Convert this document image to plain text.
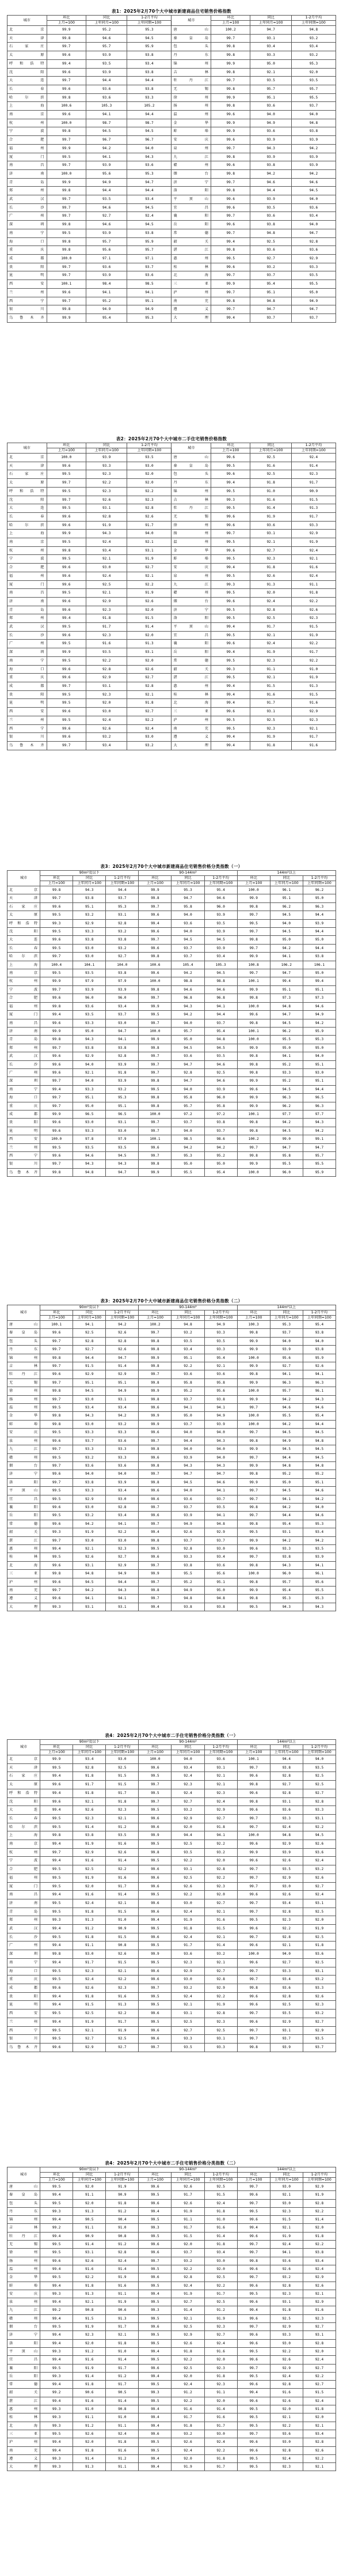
表1：2025年2月70个大中城市新建商品住宅销售价格指数
城市	环比	同比	1-2月平均	城市	环比	同比	1-2月平均
	上月=100	上年同月=100	上年同期=100		上月=100	上年同月=100	上年同期=100
北京	99.9	95.2	95.3	唐山	100.2	94.7	94.8
天津	99.8	94.6	94.5	秦皇岛	99.7	93.1	93.2
石家庄	99.7	95.7	95.9	包头	99.8	93.4	93.4
太原	99.6	93.9	93.8	丹东	99.8	93.3	93.2
呼和浩特	99.4	93.5	93.4	锦州	99.9	95.0	95.3
沈阳	99.6	93.9	93.8	吉林	99.8	92.1	92.0
大连	99.7	94.4	94.4	牡丹江	99.7	93.5	93.5
长春	99.6	93.6	93.8	无锡	99.8	95.7	95.7
哈尔滨	99.8	93.6	93.3	徐州	99.9	95.1	95.5
上海	100.6	105.3	105.2	扬州	99.8	93.6	93.7
南京	99.6	94.1	94.4	温州	99.6	94.0	94.0
杭州	100.0	98.7	98.7	金华	99.9	94.9	94.8
宁波	99.8	94.5	94.5	蚌埠	99.9	93.6	93.8
合肥	99.7	96.7	96.7	安庆	99.6	93.9	93.9
福州	99.9	94.2	94.0	泉州	99.7	94.3	94.2
厦门	99.5	94.1	94.3	九江	99.8	93.9	93.9
南昌	99.7	93.9	93.6	赣州	99.6	93.8	93.9
济南	100.0	95.6	95.3	烟台	99.8	94.2	94.2
青岛	99.9	94.9	94.7	济宁	99.7	94.6	94.6
郑州	99.8	94.4	94.4	洛阳	99.8	94.4	94.5
武汉	99.7	93.5	93.4	平顶山	99.6	93.9	94.0
长沙	99.7	94.6	94.5	宜昌	99.6	93.5	93.6
广州	99.7	92.7	92.4	襄阳	99.7	93.6	93.4
深圳	99.8	94.6	94.5	岳阳	99.6	93.8	94.0
南宁	99.5	93.9	93.8	常德	99.7	94.8	94.7
海口	99.8	95.7	95.9	韶关	99.4	92.5	92.8
重庆	99.8	95.6	95.7	湛江	99.8	93.6	93.6
成都	100.0	97.1	97.1	惠州	99.5	92.7	92.9
贵阳	99.7	93.6	93.7	桂林	99.6	93.2	93.3
昆明	99.7	93.9	93.6	北海	99.7	93.7	93.5
西安	100.1	98.4	98.5	三亚	99.9	95.4	95.5
兰州	99.6	94.1	94.1	泸州	99.7	95.1	95.0
西宁	99.7	95.2	95.1	南充	99.8	94.8	94.9
银川	99.8	94.9	94.9	遵义	99.7	94.7	94.7
乌鲁木齐	99.9	95.4	95.3	大理	99.4	93.7	93.7
表2：2025年2月70个大中城市二手住宅销售价格指数
城市	环比	同比	1-2月平均	城市	环比	同比	1-2月平均
	上月=100	上年同月=100	上年同期=100		上月=100	上年同月=100	上年同期=100
北京	100.0	93.9	93.5	唐山	99.6	92.5	92.4
天津	99.6	93.3	93.0	秦皇岛	99.5	91.6	91.4
石家庄	99.5	92.3	92.0	包头	99.6	92.5	92.3
太原	99.7	92.2	92.0	丹东	99.4	91.8	91.7
呼和浩特	99.5	92.3	92.2	锦州	99.5	91.0	90.9
沈阳	99.7	92.6	92.3	吉林	99.3	91.6	91.5
大连	99.5	93.1	92.8	牡丹江	99.5	91.4	91.3
长春	99.6	92.8	92.6	无锡	99.6	91.9	91.7
哈尔滨	99.6	91.9	91.7	徐州	99.6	93.6	93.3
上海	99.9	94.3	94.0	扬州	99.7	93.1	92.9
南京	99.5	92.4	92.1	温州	99.5	92.1	91.9
杭州	99.8	93.4	93.1	金华	99.6	92.7	92.4
宁波	99.5	92.1	91.9	蚌埠	99.5	92.3	92.1
合肥	99.6	93.0	92.7	安庆	99.4	91.8	91.6
福州	99.6	92.4	92.1	泉州	99.5	92.6	92.4
厦门	99.6	92.5	92.2	九江	99.3	91.3	91.1
南昌	99.5	92.1	91.9	赣州	99.5	92.0	91.8
济南	99.6	92.9	92.6	烟台	99.6	92.4	92.2
青岛	99.6	92.3	92.0	济宁	99.5	92.8	92.6
郑州	99.4	91.8	91.5	洛阳	99.5	92.5	92.3
武汉	99.5	91.7	91.4	平顶山	99.4	91.7	91.5
长沙	99.6	92.3	92.0	宜昌	99.5	92.1	91.9
广州	99.5	91.6	91.3	襄阳	99.6	92.4	92.2
深圳	99.9	93.5	93.1	岳阳	99.4	91.9	91.7
南宁	99.5	92.2	92.0	常德	99.5	92.3	92.2
海口	99.6	92.8	92.6	韶关	99.3	91.1	91.0
重庆	99.6	92.9	92.7	湛江	99.5	92.1	91.9
成都	99.7	93.1	92.8	惠州	99.4	91.5	91.3
贵阳	99.5	92.3	92.1	桂林	99.4	91.6	91.5
昆明	99.5	92.0	91.8	北海	99.4	91.7	91.6
西安	99.6	93.0	92.7	三亚	99.6	93.1	92.9
兰州	99.5	92.4	92.2	泸州	99.5	92.5	92.3
西宁	99.6	92.6	92.4	南充	99.5	92.3	92.1
银川	99.6	93.2	93.0	遵义	99.4	91.9	91.7
乌鲁木齐	99.7	93.4	93.2	大理	99.4	91.8	91.6
表3：2025年2月70个大中城市新建商品住宅销售价格分类指数（一）
城市	90m²及以下			90-144m²			144m²以上		
	环比	同比	1-2月平均	环比	同比	1-2月平均	环比	同比	1-2月平均
	上月=100	上年同月=100	上年同期=100	上月=100	上年同月=100	上年同期=100	上月=100	上年同月=100	上年同期=100
北京	99.8	94.3	94.4	99.9	95.3	95.4	100.0	96.1	96.2
天津	99.7	93.8	93.7	99.8	94.7	94.6	99.9	95.1	95.0
石家庄	99.6	95.1	95.3	99.7	95.8	96.0	99.8	96.2	96.3
太原	99.5	93.2	93.1	99.6	94.0	93.9	99.7	94.5	94.4
呼和浩特	99.3	92.9	92.8	99.4	93.6	93.5	99.5	94.0	93.9
沈阳	99.5	93.3	93.2	99.6	94.0	93.9	99.7	94.5	94.4
大连	99.6	93.8	93.8	99.7	94.5	94.5	99.8	95.0	95.0
长春	99.5	93.0	93.2	99.6	93.7	93.9	99.7	94.2	94.4
哈尔滨	99.7	93.0	92.7	99.8	93.7	93.4	99.9	94.1	93.8
上海	100.4	104.1	104.0	100.6	105.4	105.3	100.8	106.2	106.1
南京	99.5	93.5	93.8	99.6	94.2	94.5	99.7	94.7	95.0
杭州	99.9	97.9	97.9	100.0	98.8	98.8	100.1	99.4	99.4
宁波	99.7	93.9	93.9	99.8	94.6	94.6	99.9	95.1	95.1
合肥	99.6	96.0	96.0	99.7	96.8	96.8	99.8	97.3	97.3
福州	99.8	93.6	93.4	99.9	94.3	94.1	100.0	94.8	94.6
厦门	99.4	93.5	93.7	99.5	94.2	94.4	99.6	94.7	94.9
南昌	99.6	93.3	93.0	99.7	94.0	93.7	99.8	94.5	94.2
济南	99.9	95.0	94.7	100.0	95.7	95.4	100.1	96.2	95.9
青岛	99.8	94.3	94.1	99.9	95.0	94.8	100.0	95.5	95.3
郑州	99.7	93.8	93.8	99.8	94.5	94.5	99.9	95.0	95.0
武汉	99.6	92.9	92.8	99.7	93.6	93.5	99.8	94.1	94.0
长沙	99.6	94.0	93.9	99.7	94.7	94.6	99.8	95.2	95.1
广州	99.6	92.1	91.8	99.7	92.8	92.5	99.8	93.3	93.0
深圳	99.7	94.0	93.9	99.8	94.7	94.6	99.9	95.2	95.1
南宁	99.4	93.3	93.2	99.5	94.0	93.9	99.6	94.5	94.4
海口	99.7	95.1	95.3	99.8	95.8	96.0	99.9	96.3	96.5
重庆	99.7	95.0	95.1	99.8	95.7	95.8	99.9	96.2	96.3
成都	99.9	96.5	96.5	100.0	97.2	97.2	100.1	97.7	97.7
贵阳	99.6	93.0	93.1	99.7	93.7	93.8	99.8	94.2	94.3
昆明	99.6	93.3	93.0	99.7	94.0	93.7	99.8	94.5	94.2
西安	100.0	97.8	97.9	100.1	98.5	98.6	100.2	99.0	99.1
兰州	99.5	93.5	93.5	99.6	94.2	94.2	99.7	94.7	94.7
西宁	99.6	94.6	94.5	99.7	95.3	95.2	99.8	95.8	95.7
银川	99.7	94.3	94.3	99.8	95.0	95.0	99.9	95.5	95.5
乌鲁木齐	99.8	94.8	94.7	99.9	95.5	95.4	100.0	96.0	95.9
表3：2025年2月70个大中城市新建商品住宅销售价格分类指数（二）
城市	90m²及以下			90-144m²			144m²以上		
	环比	同比	1-2月平均	环比	同比	1-2月平均	环比	同比	1-2月平均
	上月=100	上年同月=100	上年同期=100	上月=100	上年同月=100	上年同期=100	上月=100	上年同月=100	上年同期=100
唐山	100.1	94.1	94.2	100.2	94.8	94.9	100.3	95.3	95.4
秦皇岛	99.6	92.5	92.6	99.7	93.2	93.3	99.8	93.7	93.8
包头	99.7	92.8	92.8	99.8	93.5	93.5	99.9	94.0	94.0
丹东	99.7	92.7	92.6	99.8	93.4	93.3	99.9	93.9	93.8
锦州	99.8	94.4	94.7	99.9	95.1	95.4	100.0	95.6	95.9
吉林	99.7	91.5	91.4	99.8	92.2	92.1	99.9	92.7	92.6
牡丹江	99.6	92.9	92.9	99.7	93.6	93.6	99.8	94.1	94.1
无锡	99.7	95.1	95.1	99.8	95.8	95.8	99.9	96.3	96.3
徐州	99.8	94.5	94.9	99.9	95.2	95.6	100.0	95.7	96.1
扬州	99.7	93.0	93.1	99.8	93.7	93.8	99.9	94.2	94.3
温州	99.5	93.4	93.4	99.6	94.1	94.1	99.7	94.6	94.6
金华	99.8	94.3	94.2	99.9	95.0	94.9	100.0	95.5	95.4
蚌埠	99.8	93.0	93.2	99.9	93.7	93.9	100.0	94.2	94.4
安庆	99.5	93.3	93.3	99.6	94.0	94.0	99.7	94.5	94.5
泉州	99.6	93.7	93.6	99.7	94.4	94.3	99.8	94.9	94.8
九江	99.7	93.3	93.3	99.8	94.0	94.0	99.9	94.5	94.5
赣州	99.5	93.2	93.3	99.6	93.9	94.0	99.7	94.4	94.5
烟台	99.7	93.6	93.6	99.8	94.3	94.3	99.9	94.8	94.8
济宁	99.6	94.0	94.0	99.7	94.7	94.7	99.8	95.2	95.2
洛阳	99.7	93.8	93.9	99.8	94.5	94.6	99.9	95.0	95.1
平顶山	99.5	93.3	93.4	99.6	94.0	94.1	99.7	94.5	94.6
宜昌	99.5	92.9	93.0	99.6	93.6	93.7	99.7	94.1	94.2
襄阳	99.6	93.0	92.8	99.7	93.7	93.5	99.8	94.2	94.0
岳阳	99.5	93.2	93.4	99.6	93.9	94.1	99.7	94.4	94.6
常德	99.6	94.2	94.1	99.7	94.9	94.8	99.8	95.4	95.3
韶关	99.3	91.9	92.2	99.4	92.6	92.9	99.5	93.1	93.4
湛江	99.7	93.0	93.0	99.8	93.7	93.7	99.9	94.2	94.2
惠州	99.4	92.1	92.3	99.5	92.8	93.0	99.6	93.3	93.5
桂林	99.5	92.6	92.7	99.6	93.3	93.4	99.7	93.8	93.9
北海	99.6	93.1	92.9	99.7	93.8	93.6	99.8	94.3	94.1
三亚	99.8	94.8	94.9	99.9	95.5	95.6	100.0	96.0	96.1
泸州	99.6	94.5	94.4	99.7	95.2	95.1	99.8	95.7	95.6
南充	99.7	94.2	94.3	99.8	94.9	95.0	99.9	95.4	95.5
遵义	99.6	94.1	94.1	99.7	94.8	94.8	99.8	95.3	95.3
大理	99.3	93.1	93.1	99.4	93.8	93.8	99.5	94.3	94.3
表4：2025年2月70个大中城市二手住宅销售价格分类指数（一）
城市	90m²及以下			90-144m²			144m²以上		
	环比	同比	1-2月平均	环比	同比	1-2月平均	环比	同比	1-2月平均
	上月=100	上年同月=100	上年同期=100	上月=100	上年同月=100	上年同期=100	上月=100	上年同月=100	上年同期=100
北京	99.9	93.4	93.0	100.0	94.0	93.6	100.1	94.4	94.0
天津	99.5	92.8	92.5	99.6	93.4	93.1	99.7	93.8	93.5
石家庄	99.4	91.8	91.5	99.5	92.4	92.1	99.6	92.8	92.5
太原	99.6	91.7	91.5	99.7	92.3	92.1	99.8	92.7	92.5
呼和浩特	99.4	91.8	91.7	99.5	92.4	92.3	99.6	92.8	92.7
沈阳	99.6	92.1	91.8	99.7	92.7	92.4	99.8	93.1	92.8
大连	99.4	92.6	92.3	99.5	93.2	92.9	99.6	93.6	93.3
长春	99.5	92.3	92.1	99.6	92.9	92.7	99.7	93.3	93.1
哈尔滨	99.5	91.4	91.2	99.6	92.0	91.8	99.7	92.4	92.2
上海	99.8	93.8	93.5	99.9	94.4	94.1	100.0	94.8	94.5
南京	99.4	91.9	91.6	99.5	92.5	92.2	99.6	92.9	92.6
杭州	99.7	92.9	92.6	99.8	93.5	93.2	99.9	93.9	93.6
宁波	99.4	91.6	91.4	99.5	92.2	92.0	99.6	92.6	92.4
合肥	99.5	92.5	92.2	99.6	93.1	92.8	99.7	93.5	93.2
福州	99.5	91.9	91.6	99.6	92.5	92.2	99.7	92.9	92.6
厦门	99.5	92.0	91.7	99.6	92.6	92.3	99.7	93.0	92.7
南昌	99.4	91.6	91.4	99.5	92.2	92.0	99.6	92.6	92.4
济南	99.5	92.4	92.1	99.6	93.0	92.7	99.7	93.4	93.1
青岛	99.5	91.8	91.5	99.6	92.4	92.1	99.7	92.8	92.5
郑州	99.3	91.3	91.0	99.4	91.9	91.6	99.5	92.3	92.0
武汉	99.4	91.2	90.9	99.5	91.8	91.5	99.6	92.2	91.9
长沙	99.5	91.8	91.5	99.6	92.4	92.1	99.7	92.8	92.5
广州	99.4	91.1	90.8	99.5	91.7	91.4	99.6	92.1	91.8
深圳	99.8	93.0	92.6	99.9	93.6	93.2	100.0	94.0	93.6
南宁	99.4	91.7	91.5	99.5	92.3	92.1	99.6	92.7	92.5
海口	99.5	92.3	92.1	99.6	92.9	92.7	99.7	93.3	93.1
重庆	99.5	92.4	92.2	99.6	93.0	92.8	99.7	93.4	93.2
成都	99.6	92.6	92.3	99.7	93.2	92.9	99.8	93.6	93.3
贵阳	99.4	91.8	91.6	99.5	92.4	92.2	99.6	92.8	92.6
昆明	99.4	91.5	91.3	99.5	92.1	91.9	99.6	92.5	92.3
西安	99.5	92.5	92.2	99.6	93.1	92.8	99.7	93.5	93.2
兰州	99.4	91.9	91.7	99.5	92.5	92.3	99.6	92.9	92.7
西宁	99.5	92.1	91.9	99.6	92.7	92.5	99.7	93.1	92.9
银川	99.5	92.7	92.5	99.6	93.3	93.1	99.7	93.7	93.5
乌鲁木齐	99.6	92.9	92.7	99.7	93.5	93.3	99.8	93.9	93.7
表4：2025年2月70个大中城市二手住宅销售价格分类指数（二）
城市	90m²及以下			90-144m²			144m²以上		
	环比	同比	1-2月平均	环比	同比	1-2月平均	环比	同比	1-2月平均
	上月=100	上年同月=100	上年同期=100	上月=100	上年同月=100	上年同期=100	上月=100	上年同月=100	上年同期=100
唐山	99.5	92.0	91.9	99.6	92.6	92.5	99.7	93.0	92.9
秦皇岛	99.4	91.1	90.9	99.5	91.7	91.5	99.6	92.1	91.9
包头	99.5	92.0	91.8	99.6	92.6	92.4	99.7	93.0	92.8
丹东	99.3	91.3	91.2	99.4	91.9	91.8	99.5	92.3	92.2
锦州	99.4	90.5	90.4	99.5	91.1	91.0	99.6	91.5	91.4
吉林	99.2	91.1	91.0	99.3	91.7	91.6	99.4	92.1	92.0
牡丹江	99.4	90.9	90.8	99.5	91.5	91.4	99.6	91.9	91.8
无锡	99.5	91.4	91.2	99.6	92.0	91.8	99.7	92.4	92.2
徐州	99.5	93.1	92.8	99.6	93.7	93.4	99.7	94.1	93.8
扬州	99.6	92.6	92.4	99.7	93.2	93.0	99.8	93.6	93.4
温州	99.4	91.6	91.4	99.5	92.2	92.0	99.6	92.6	92.4
金华	99.5	92.2	91.9	99.6	92.8	92.5	99.7	93.2	92.9
蚌埠	99.4	91.8	91.6	99.5	92.4	92.2	99.6	92.8	92.6
安庆	99.3	91.3	91.1	99.4	91.9	91.7	99.5	92.3	92.1
泉州	99.4	92.1	91.9	99.5	92.7	92.5	99.6	93.1	92.9
九江	99.2	90.8	90.6	99.3	91.4	91.2	99.4	91.8	91.6
赣州	99.4	91.5	91.3	99.5	92.1	91.9	99.6	92.5	92.3
烟台	99.5	91.9	91.7	99.6	92.5	92.3	99.7	92.9	92.7
济宁	99.4	92.3	92.1	99.5	92.9	92.7	99.6	93.3	93.1
洛阳	99.4	92.0	91.8	99.5	92.6	92.4	99.6	93.0	92.8
平顶山	99.3	91.2	91.0	99.4	91.8	91.6	99.5	92.2	92.0
宜昌	99.4	91.6	91.4	99.5	92.2	92.0	99.6	92.6	92.4
襄阳	99.5	91.9	91.7	99.6	92.5	92.3	99.7	92.9	92.7
岳阳	99.3	91.4	91.2	99.4	92.0	91.8	99.5	92.4	92.2
常德	99.4	91.8	91.7	99.5	92.4	92.3	99.6	92.8	92.7
韶关	99.2	90.6	90.5	99.3	91.2	91.1	99.4	91.6	91.5
湛江	99.4	91.6	91.4	99.5	92.2	92.0	99.6	92.6	92.4
惠州	99.3	91.0	90.8	99.4	91.6	91.4	99.5	92.0	91.8
桂林	99.3	91.1	91.0	99.4	91.7	91.6	99.5	92.1	92.0
北海	99.3	91.2	91.1	99.4	91.8	91.7	99.5	92.2	92.1
三亚	99.5	92.6	92.4	99.6	93.2	93.0	99.7	93.6	93.4
泸州	99.4	92.0	91.8	99.5	92.6	92.4	99.6	93.0	92.8
南充	99.4	91.8	91.6	99.5	92.4	92.2	99.6	92.8	92.6
遵义	99.3	91.4	91.2	99.4	92.0	91.8	99.5	92.4	92.2
大理	99.3	91.3	91.1	99.4	91.9	91.7	99.5	92.3	92.1
